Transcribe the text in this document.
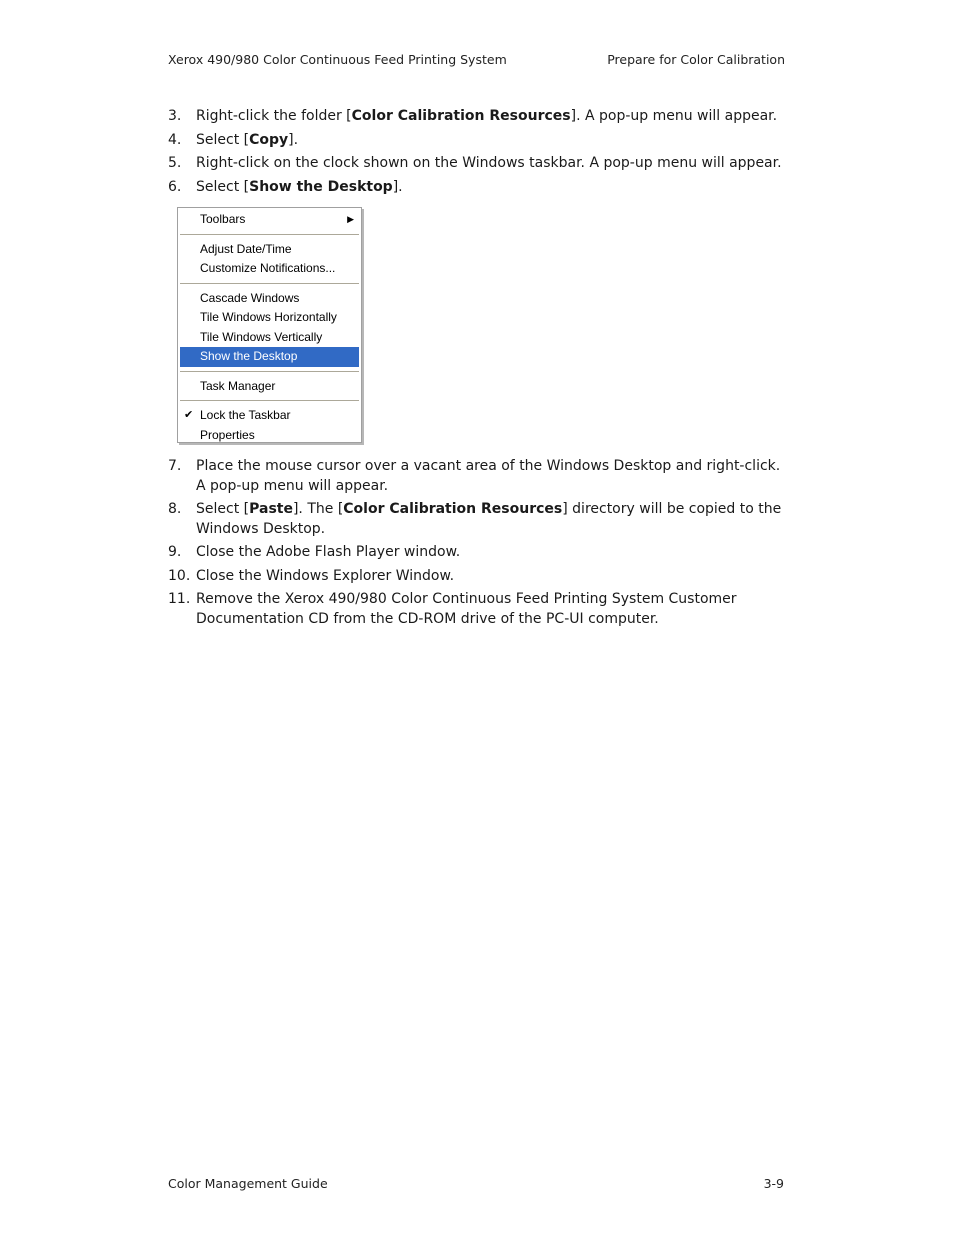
Xerox 490/980 Color Continuous Feed Printing System	Prepare for Color Calibration
3. Right-click the folder [Color Calibration Resources]. A pop-up menu will appear.
4. Select [Copy].
5. Right-click on the clock shown on the Windows taskbar. A pop-up menu will appear.
6. Select [Show the Desktop].
Toolbars	▶
Adjust Date/Time
Customize Notifications...
Cascade Windows
Tile Windows Horizontally
Tile Windows Vertically
Show the Desktop
Task Manager
✔ Lock the Taskbar
Properties
7. Place the mouse cursor over a vacant area of the Windows Desktop and right-click. A pop-up menu will appear.
8. Select [Paste]. The [Color Calibration Resources] directory will be copied to the Windows Desktop.
9. Close the Adobe Flash Player window.
10. Close the Windows Explorer Window.
11. Remove the Xerox 490/980 Color Continuous Feed Printing System Customer Documentation CD from the CD-ROM drive of the PC-UI computer.
Color Management Guide	3-9
